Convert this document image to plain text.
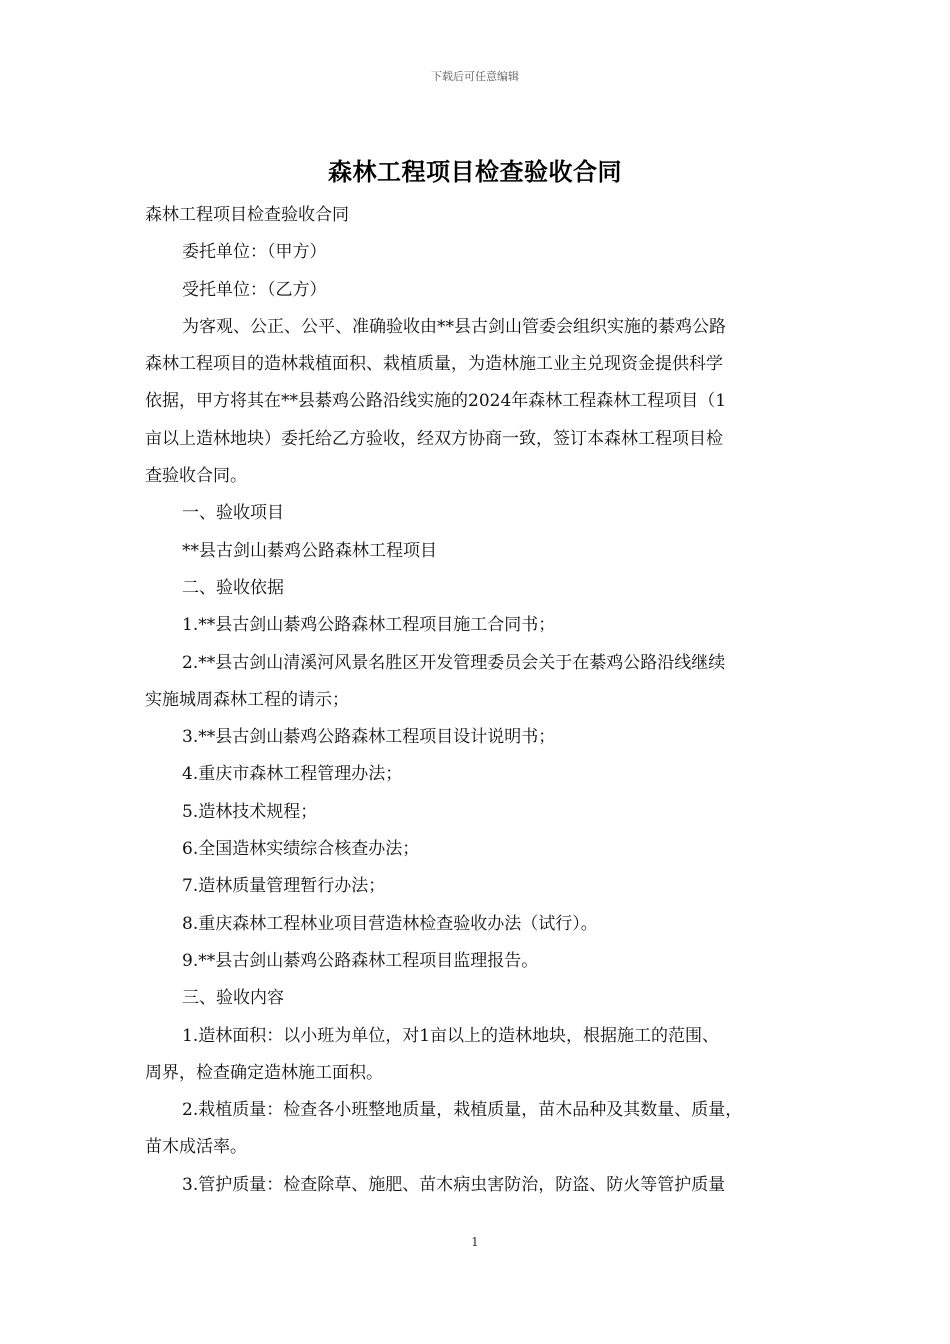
下载后可任意编辑
森林工程项目检查验收合同

森林工程项目检查验收合同

委托单位：（甲方）

受托单位：（乙方）

为客观、公正、公平、准确验收由**县古剑山管委会组织实施的綦鸡公路

森林工程项目的造林栽植面积、栽植质量，为造林施工业主兑现资金提供科学

依据，甲方将其在**县綦鸡公路沿线实施的2024年森林工程森林工程项目（1

亩以上造林地块）委托给乙方验收，经双方协商一致，签订本森林工程项目检

查验收合同。

一、验收项目

**县古剑山綦鸡公路森林工程项目

二、验收依据

1.**县古剑山綦鸡公路森林工程项目施工合同书；

2.**县古剑山清溪河风景名胜区开发管理委员会关于在綦鸡公路沿线继续

实施城周森林工程的请示；

3.**县古剑山綦鸡公路森林工程项目设计说明书；

4.重庆市森林工程管理办法；

5.造林技术规程；

6.全国造林实绩综合核查办法；

7.造林质量管理暂行办法；

8.重庆森林工程林业项目营造林检查验收办法（试行）。

9.**县古剑山綦鸡公路森林工程项目监理报告。

三、验收内容

1.造林面积：以小班为单位，对1亩以上的造林地块，根据施工的范围、

周界，检查确定造林施工面积。

2.栽植质量：检查各小班整地质量，栽植质量，苗木品种及其数量、质量，

苗木成活率。

3.管护质量：检查除草、施肥、苗木病虫害防治，防盗、防火等管护质量

1
